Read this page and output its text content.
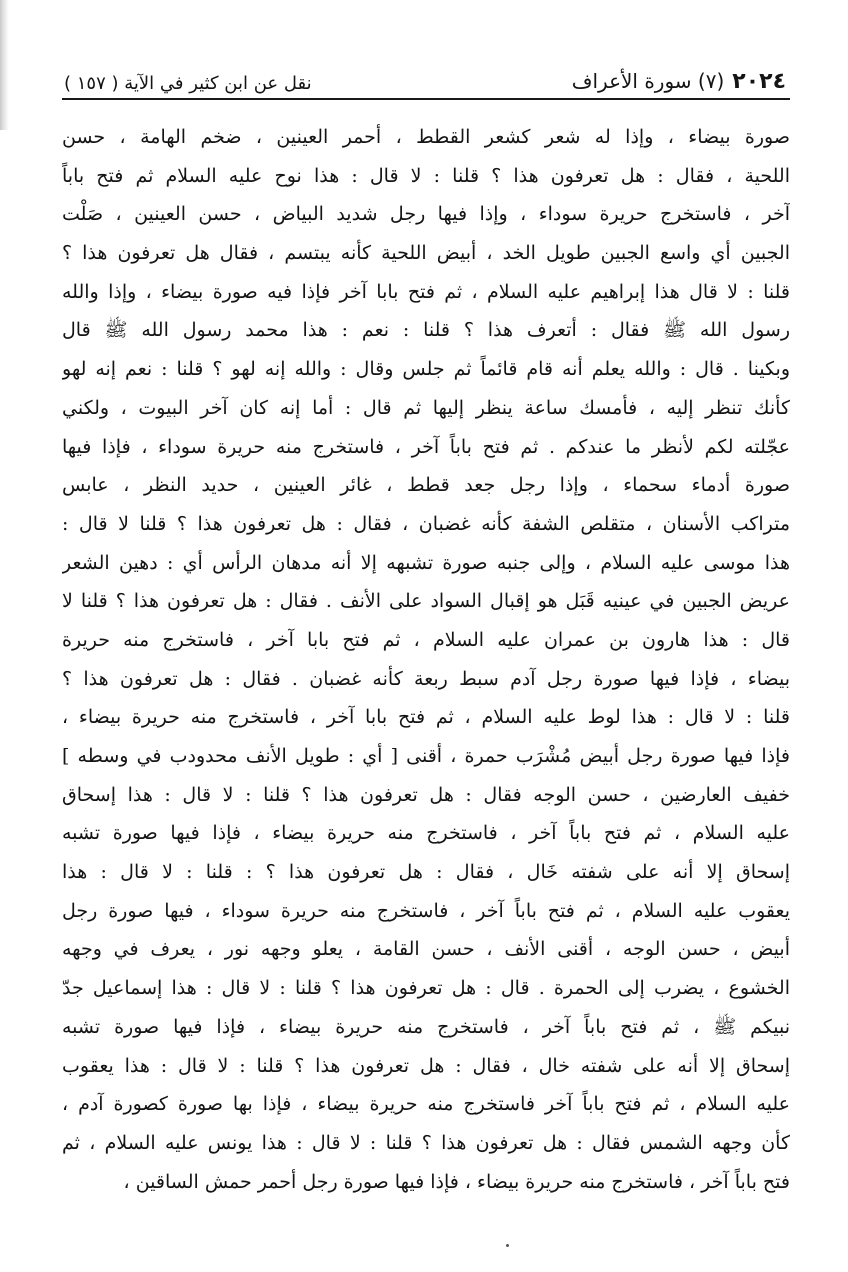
٢٠٢٤(٧) سورة الأعراف
نقل عن ابن كثير في الآية ( ١٥٧ )
صورة بيضاء ، وإذا له شعر كشعر القطط ، أحمر العينين ، ضخم الهامة ، حسن
اللحية ، فقال : هل تعرفون هذا ؟ قلنا : لا قال : هذا نوح عليه السلام ثم فتح باباً
آخر ، فاستخرج حريرة سوداء ، وإذا فيها رجل شديد البياض ، حسن العينين ، صَلْت
الجبين أي واسع الجبين طويل الخد ، أبيض اللحية كأنه يبتسم ، فقال هل تعرفون هذا ؟
قلنا : لا قال هذا إبراهيم عليه السلام ، ثم فتح بابا آخر فإذا فيه صورة بيضاء ، وإذا والله
رسول الله ﷺ فقال : أتعرف هذا ؟ قلنا : نعم : هذا محمد رسول الله ﷺ قال
وبكينا . قال : والله يعلم أنه قام قائماً ثم جلس وقال : والله إنه لهو ؟ قلنا : نعم إنه لهو
كأنك تنظر إليه ، فأمسك ساعة ينظر إليها ثم قال : أما إنه كان آخر البيوت ، ولكني
عجّلته لكم لأنظر ما عندكم . ثم فتح باباً آخر ، فاستخرج منه حريرة سوداء ، فإذا فيها
صورة أدماء سحماء ، وإذا رجل جعد قطط ، غائر العينين ، حديد النظر ، عابس
متراكب الأسنان ، متقلص الشفة كأنه غضبان ، فقال : هل تعرفون هذا ؟ قلنا لا قال :
هذا موسى عليه السلام ، وإلى جنبه صورة تشبهه إلا أنه مدهان الرأس أي : دهين الشعر
عريض الجبين في عينيه قَبَل هو إقبال السواد على الأنف . فقال : هل تعرفون هذا ؟ قلنا لا
قال : هذا هارون بن عمران عليه السلام ، ثم فتح بابا آخر ، فاستخرج منه حريرة
بيضاء ، فإذا فيها صورة رجل آدم سبط ربعة كأنه غضبان . فقال : هل تعرفون هذا ؟
قلنا : لا قال : هذا لوط عليه السلام ، ثم فتح بابا آخر ، فاستخرج منه حريرة بيضاء ،
فإذا فيها صورة رجل أبيض مُشْرَب حمرة ، أقنى [ أي : طويل الأنف محدودب في وسطه ]
خفيف العارضين ، حسن الوجه فقال : هل تعرفون هذا ؟ قلنا : لا قال : هذا إسحاق
عليه السلام ، ثم فتح باباً آخر ، فاستخرج منه حريرة بيضاء ، فإذا فيها صورة تشبه
إسحاق إلا أنه على شفته خَال ، فقال : هل تعرفون هذا ؟ : قلنا : لا قال : هذا
يعقوب عليه السلام ، ثم فتح باباً آخر ، فاستخرج منه حريرة سوداء ، فيها صورة رجل
أبيض ، حسن الوجه ، أقنى الأنف ، حسن القامة ، يعلو وجهه نور ، يعرف في وجهه
الخشوع ، يضرب إلى الحمرة . قال : هل تعرفون هذا ؟ قلنا : لا قال : هذا إسماعيل جدّ
نبيكم ﷺ ، ثم فتح باباً آخر ، فاستخرج منه حريرة بيضاء ، فإذا فيها صورة تشبه
إسحاق إلا أنه على شفته خال ، فقال : هل تعرفون هذا ؟ قلنا : لا قال : هذا يعقوب
عليه السلام ، ثم فتح باباً آخر فاستخرج منه حريرة بيضاء ، فإذا بها صورة كصورة آدم ،
كأن وجهه الشمس فقال : هل تعرفون هذا ؟ قلنا : لا قال : هذا يونس عليه السلام ، ثم
فتح باباً آخر ، فاستخرج منه حريرة بيضاء ، فإذا فيها صورة رجل أحمر حمش الساقين ،
